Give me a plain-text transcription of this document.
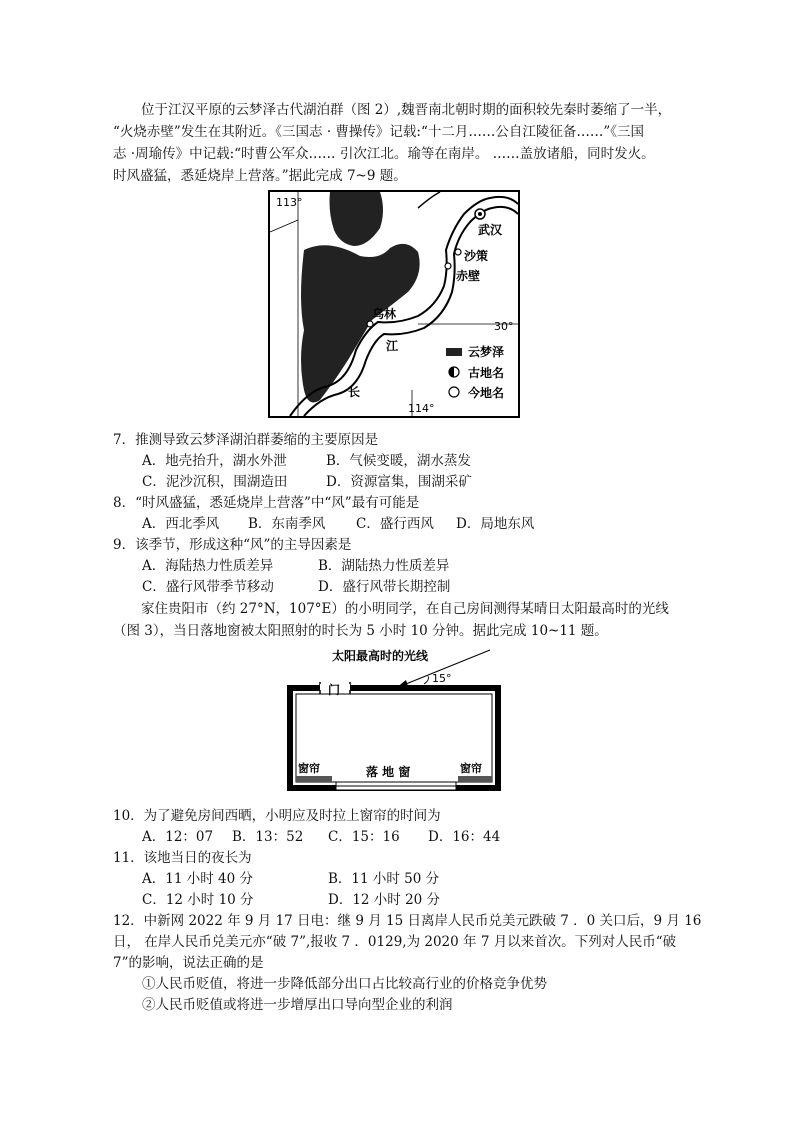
位于江汉平原的云梦泽古代湖泊群（图 2）,魏晋南北朝时期的面积较先秦时萎缩了一半，
“火烧赤壁”发生在其附近。《三国志 · 曹操传》记载:“十二月……公自江陵征备……”《三国
志 ·周瑜传》中记载:“时曹公军众…… 引次江北。瑜等在南岸。 ……盖放诸船，同时发火。
时风盛猛，悉延烧岸上营落。”据此完成 7~9 题。
113°
114°
30°
武汉
沙策
赤壁
乌林
江
长
云梦泽
古地名
今地名
7．推测导致云梦泽湖泊群萎缩的主要原因是
A．地壳抬升，湖水外泄	B．气候变暖，湖水蒸发
C．泥沙沉积，围湖造田	D．资源富集，围湖采矿
8．“时风盛猛，悉延烧岸上营落”中“风”最有可能是
A．西北季风 B．东南季风 C．盛行西风 D．局地东风
9．该季节，形成这种“风”的主导因素是
A．海陆热力性质差异	B．湖陆热力性质差异
C．盛行风带季节移动	D．盛行风带长期控制
家住贵阳市（约 27°N，107°E）的小明同学，在自己房间测得某晴日太阳最高时的光线
（图 3），当日落地窗被太阳照射的时长为 5 小时 10 分钟。据此完成 10~11 题。
太阳最高时的光线
15°
门
窗帘	窗帘
落 地 窗
10．为了避免房间西晒，小明应及时拉上窗帘的时间为
A．12：07 B．13：52 C．15：16 D．16：44
11．该地当日的夜长为
A．11 小时 40 分	B．11 小时 50 分
C．12 小时 10 分	D．12 小时 20 分
12．中新网 2022 年 9 月 17 日电：继 9 月 15 日离岸人民币兑美元跌破 7 ．0 关口后，9 月 16
日， 在岸人民币兑美元亦“破 7”,报收 7 ．0129,为 2020 年 7 月以来首次。下列对人民币“破
7”的影响，说法正确的是
①人民币贬值，将进一步降低部分出口占比较高行业的价格竞争优势
②人民币贬值或将进一步增厚出口导向型企业的利润
